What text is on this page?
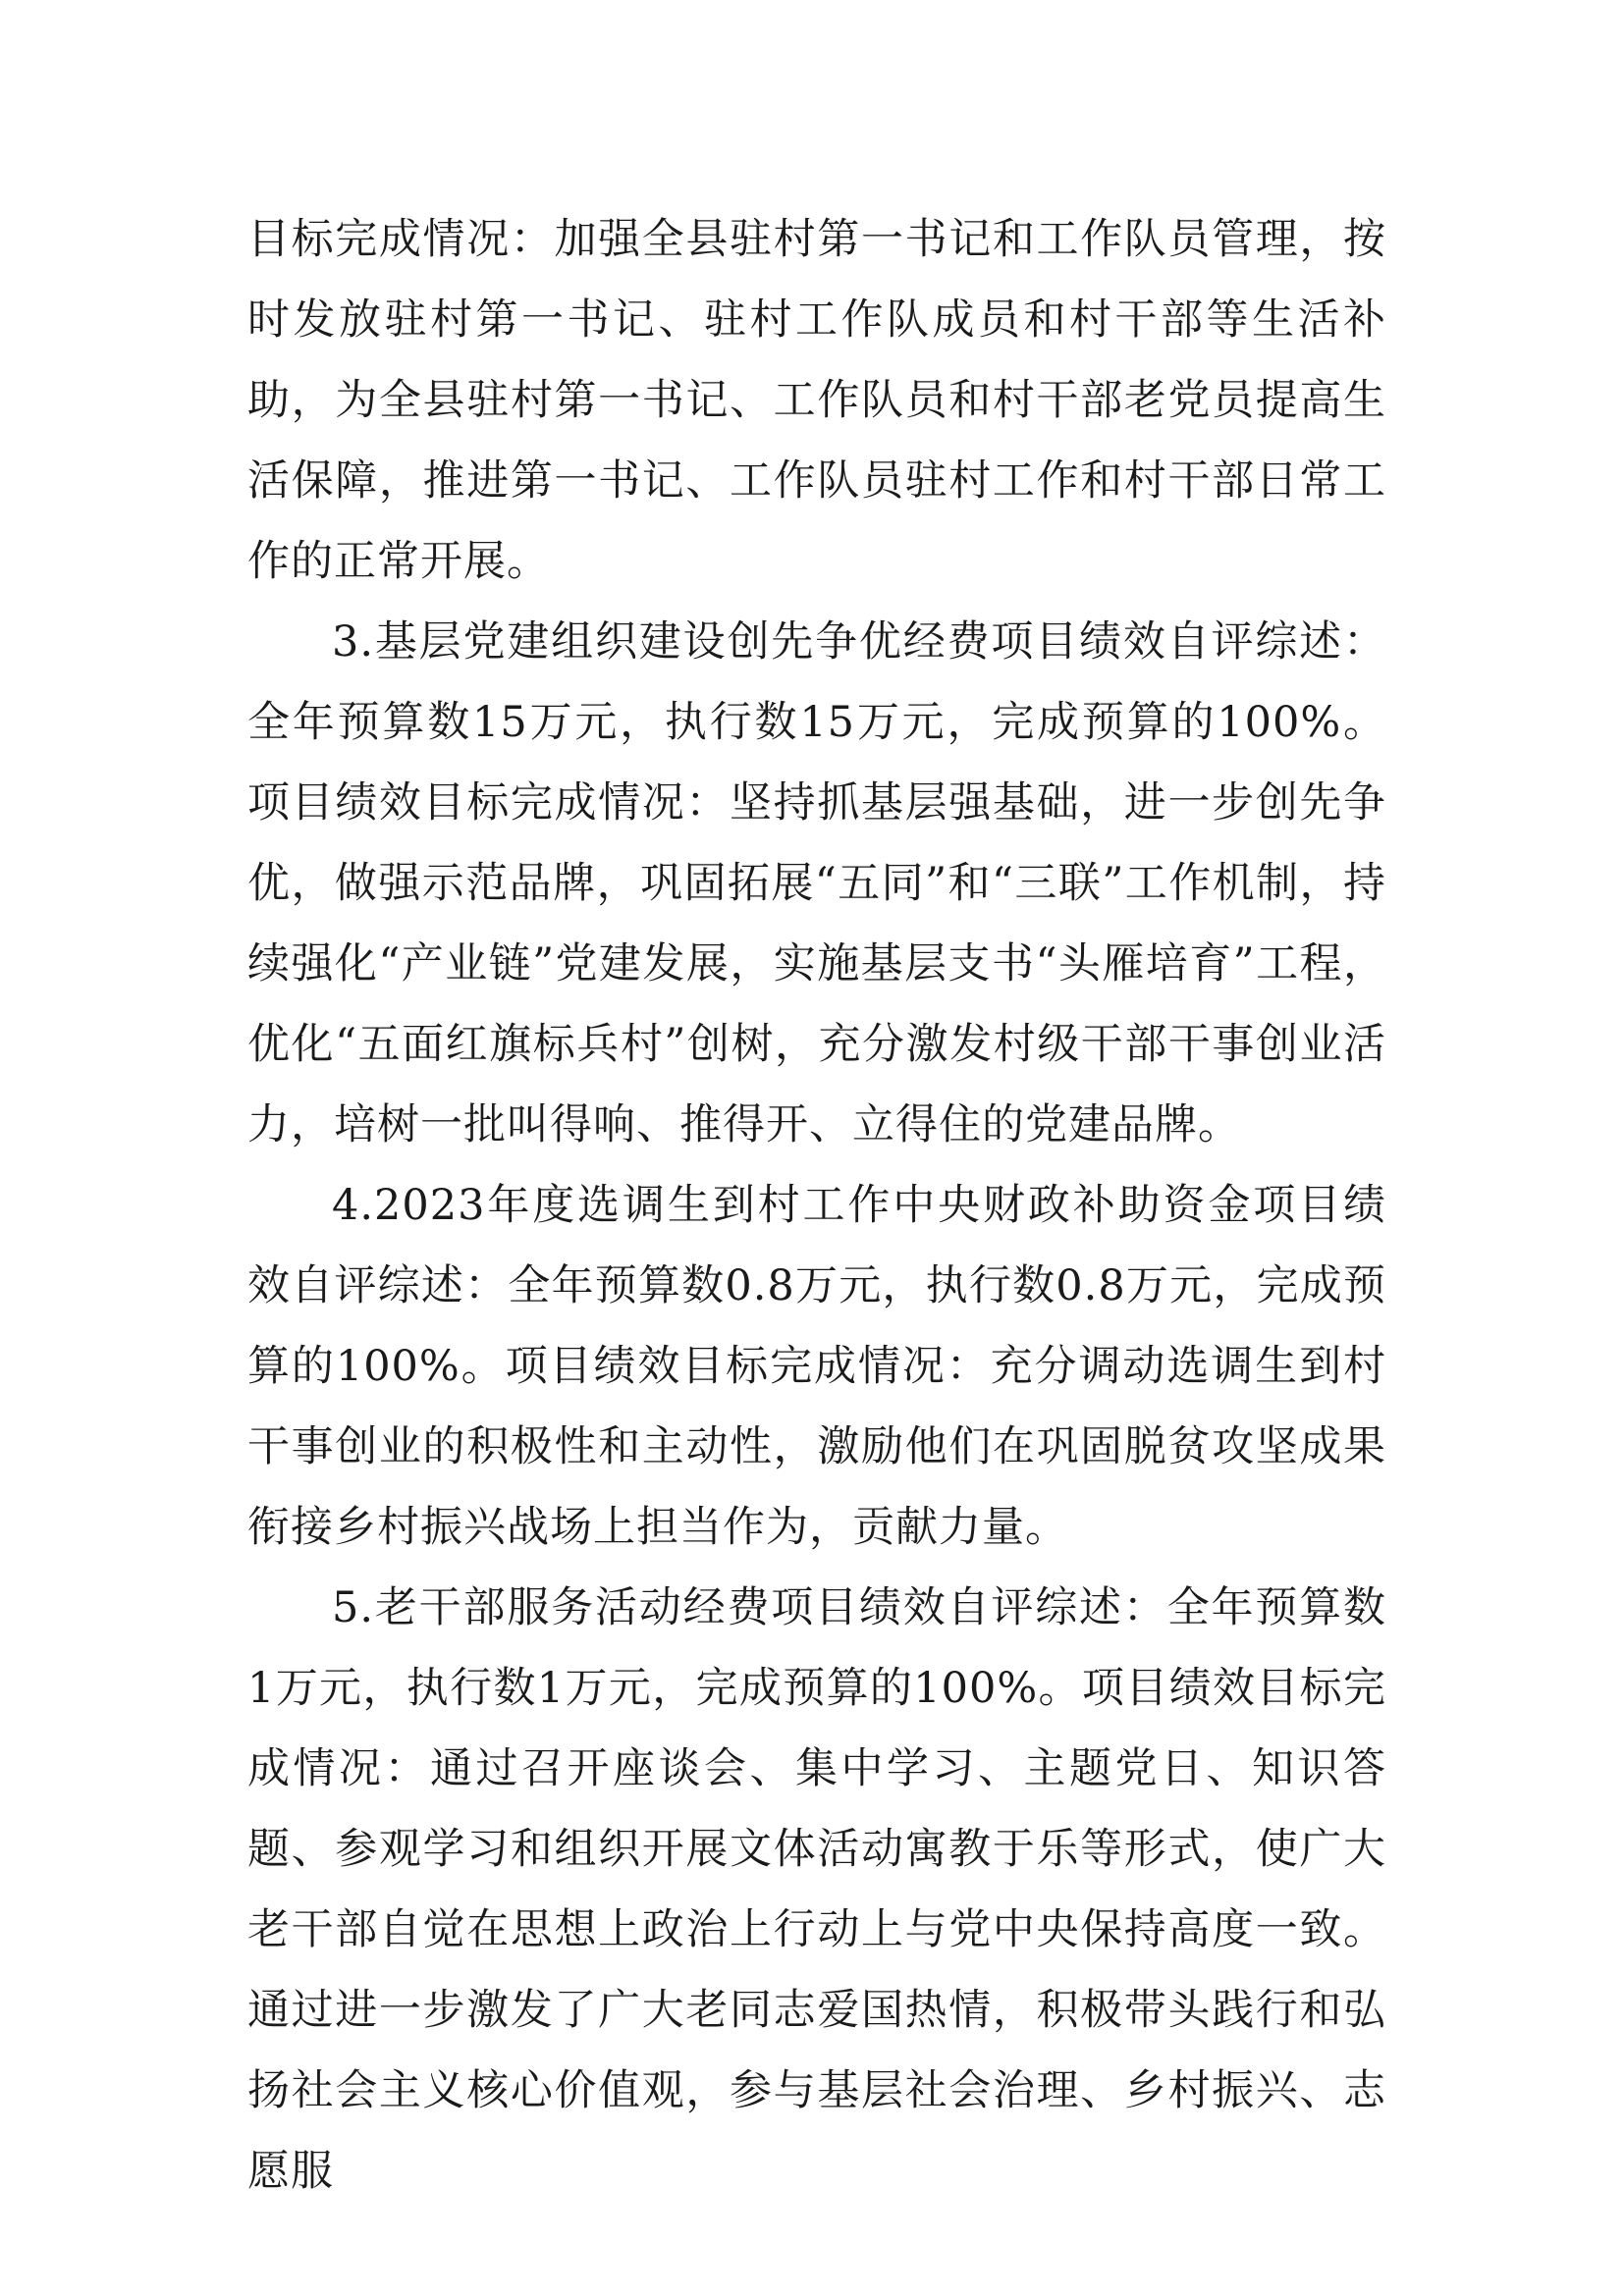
目标完成情况：加强全县驻村第一书记和工作队员管理，按时发放驻村第一书记、驻村工作队成员和村干部等生活补助，为全县驻村第一书记、工作队员和村干部老党员提高生活保障，推进第一书记、工作队员驻村工作和村干部日常工作的正常开展。

3.基层党建组织建设创先争优经费项目绩效自评综述：全年预算数15万元，执行数15万元，完成预算的100%。项目绩效目标完成情况：坚持抓基层强基础，进一步创先争优，做强示范品牌，巩固拓展“五同”和“三联”工作机制，持续强化“产业链”党建发展，实施基层支书“头雁培育”工程，优化“五面红旗标兵村”创树，充分激发村级干部干事创业活力，培树一批叫得响、推得开、立得住的党建品牌。

4.2023年度选调生到村工作中央财政补助资金项目绩效自评综述：全年预算数0.8万元，执行数0.8万元，完成预算的100%。项目绩效目标完成情况：充分调动选调生到村干事创业的积极性和主动性，激励他们在巩固脱贫攻坚成果衔接乡村振兴战场上担当作为，贡献力量。

5.老干部服务活动经费项目绩效自评综述：全年预算数1万元，执行数1万元，完成预算的100%。项目绩效目标完成情况：通过召开座谈会、集中学习、主题党日、知识答题、参观学习和组织开展文体活动寓教于乐等形式，使广大老干部自觉在思想上政治上行动上与党中央保持高度一致。通过进一步激发了广大老同志爱国热情，积极带头践行和弘扬社会主义核心价值观，参与基层社会治理、乡村振兴、志愿服
